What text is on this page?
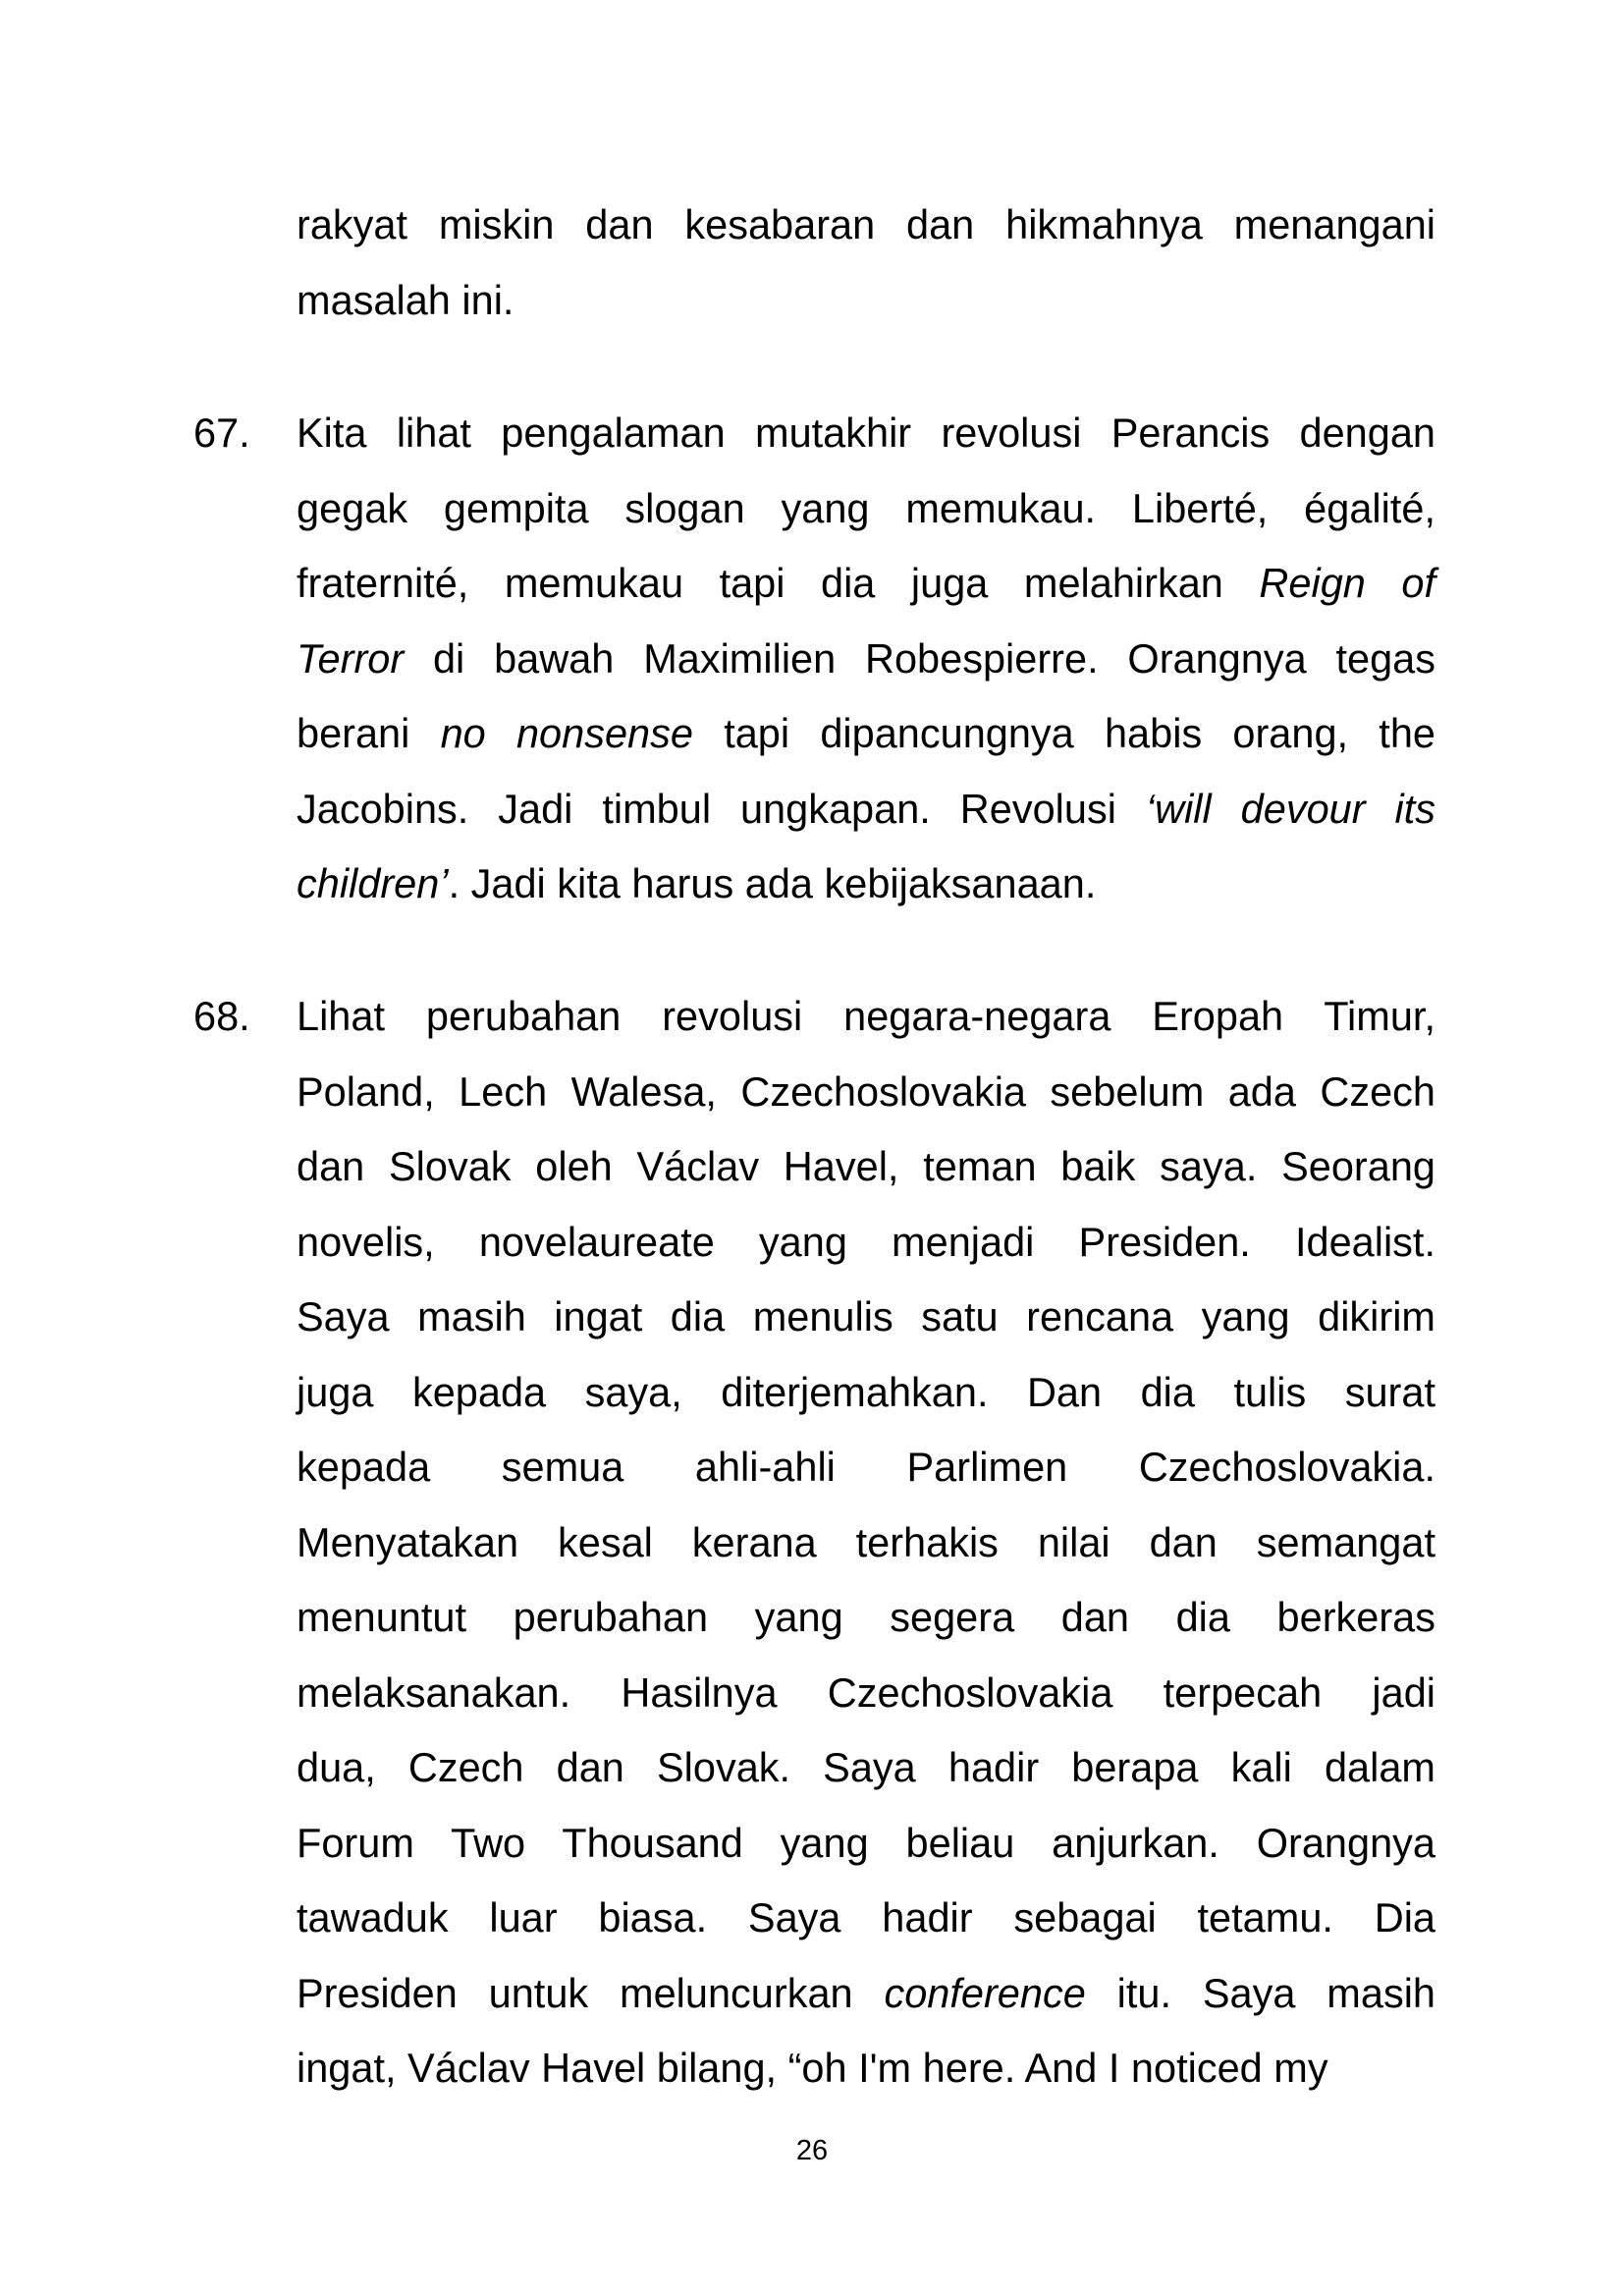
rakyat miskin dan kesabaran dan hikmahnya menangani
masalah ini.
67. Kita lihat pengalaman mutakhir revolusi Perancis dengan
gegak gempita slogan yang memukau. Liberté, égalité,
fraternité, memukau tapi dia juga melahirkan Reign of
Terror di bawah Maximilien Robespierre. Orangnya tegas
berani no nonsense tapi dipancungnya habis orang, the
Jacobins. Jadi timbul ungkapan. Revolusi ‘will devour its
children’. Jadi kita harus ada kebijaksanaan.
68. Lihat perubahan revolusi negara-negara Eropah Timur,
Poland, Lech Walesa, Czechoslovakia sebelum ada Czech
dan Slovak oleh Václav Havel, teman baik saya. Seorang
novelis, novelaureate yang menjadi Presiden. Idealist.
Saya masih ingat dia menulis satu rencana yang dikirim
juga kepada saya, diterjemahkan. Dan dia tulis surat
kepada semua ahli-ahli Parlimen Czechoslovakia.
Menyatakan kesal kerana terhakis nilai dan semangat
menuntut perubahan yang segera dan dia berkeras
melaksanakan. Hasilnya Czechoslovakia terpecah jadi
dua, Czech dan Slovak. Saya hadir berapa kali dalam
Forum Two Thousand yang beliau anjurkan. Orangnya
tawaduk luar biasa. Saya hadir sebagai tetamu. Dia
Presiden untuk meluncurkan conference itu. Saya masih
ingat, Václav Havel bilang, “oh I'm here. And I noticed my
26
